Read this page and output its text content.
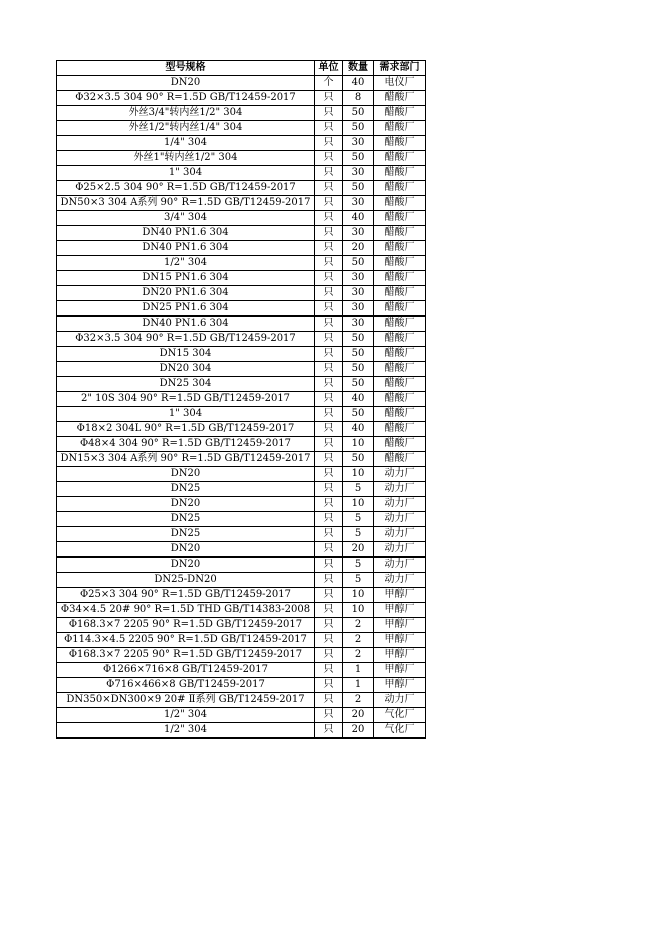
型号规格	单位	数量	需求部门
DN20	个	40	电仪厂
Φ32×3.5 304 90° R=1.5D GB/T12459-2017	只	8	醋酸厂
外丝3/4"转内丝1/2" 304	只	50	醋酸厂
外丝1/2"转内丝1/4" 304	只	50	醋酸厂
1/4" 304	只	30	醋酸厂
外丝1"转内丝1/2" 304	只	50	醋酸厂
1" 304	只	30	醋酸厂
Φ25×2.5 304 90° R=1.5D GB/T12459-2017	只	50	醋酸厂
DN50×3 304 A系列 90° R=1.5D GB/T12459-2017	只	30	醋酸厂
3/4" 304	只	40	醋酸厂
DN40 PN1.6 304	只	30	醋酸厂
DN40 PN1.6 304	只	20	醋酸厂
1/2" 304	只	50	醋酸厂
DN15 PN1.6 304	只	30	醋酸厂
DN20 PN1.6 304	只	30	醋酸厂
DN25 PN1.6 304	只	30	醋酸厂
DN40 PN1.6 304	只	30	醋酸厂
Φ32×3.5 304 90° R=1.5D GB/T12459-2017	只	50	醋酸厂
DN15 304	只	50	醋酸厂
DN20 304	只	50	醋酸厂
DN25 304	只	50	醋酸厂
2" 10S 304 90° R=1.5D GB/T12459-2017	只	40	醋酸厂
1" 304	只	50	醋酸厂
Φ18×2 304L 90° R=1.5D GB/T12459-2017	只	40	醋酸厂
Φ48×4 304 90° R=1.5D GB/T12459-2017	只	10	醋酸厂
DN15×3 304 A系列 90° R=1.5D GB/T12459-2017	只	50	醋酸厂
DN20	只	10	动力厂
DN25	只	5	动力厂
DN20	只	10	动力厂
DN25	只	5	动力厂
DN25	只	5	动力厂
DN20	只	20	动力厂
DN20	只	5	动力厂
DN25-DN20	只	5	动力厂
Φ25×3 304 90° R=1.5D GB/T12459-2017	只	10	甲醇厂
Φ34×4.5 20# 90° R=1.5D THD GB/T14383-2008	只	10	甲醇厂
Φ168.3×7 2205 90° R=1.5D GB/T12459-2017	只	2	甲醇厂
Φ114.3×4.5 2205 90° R=1.5D GB/T12459-2017	只	2	甲醇厂
Φ168.3×7 2205 90° R=1.5D GB/T12459-2017	只	2	甲醇厂
Φ1266×716×8 GB/T12459-2017	只	1	甲醇厂
Φ716×466×8 GB/T12459-2017	只	1	甲醇厂
DN350×DN300×9 20# Ⅱ系列 GB/T12459-2017	只	2	动力厂
1/2" 304	只	20	气化厂
1/2" 304	只	20	气化厂
